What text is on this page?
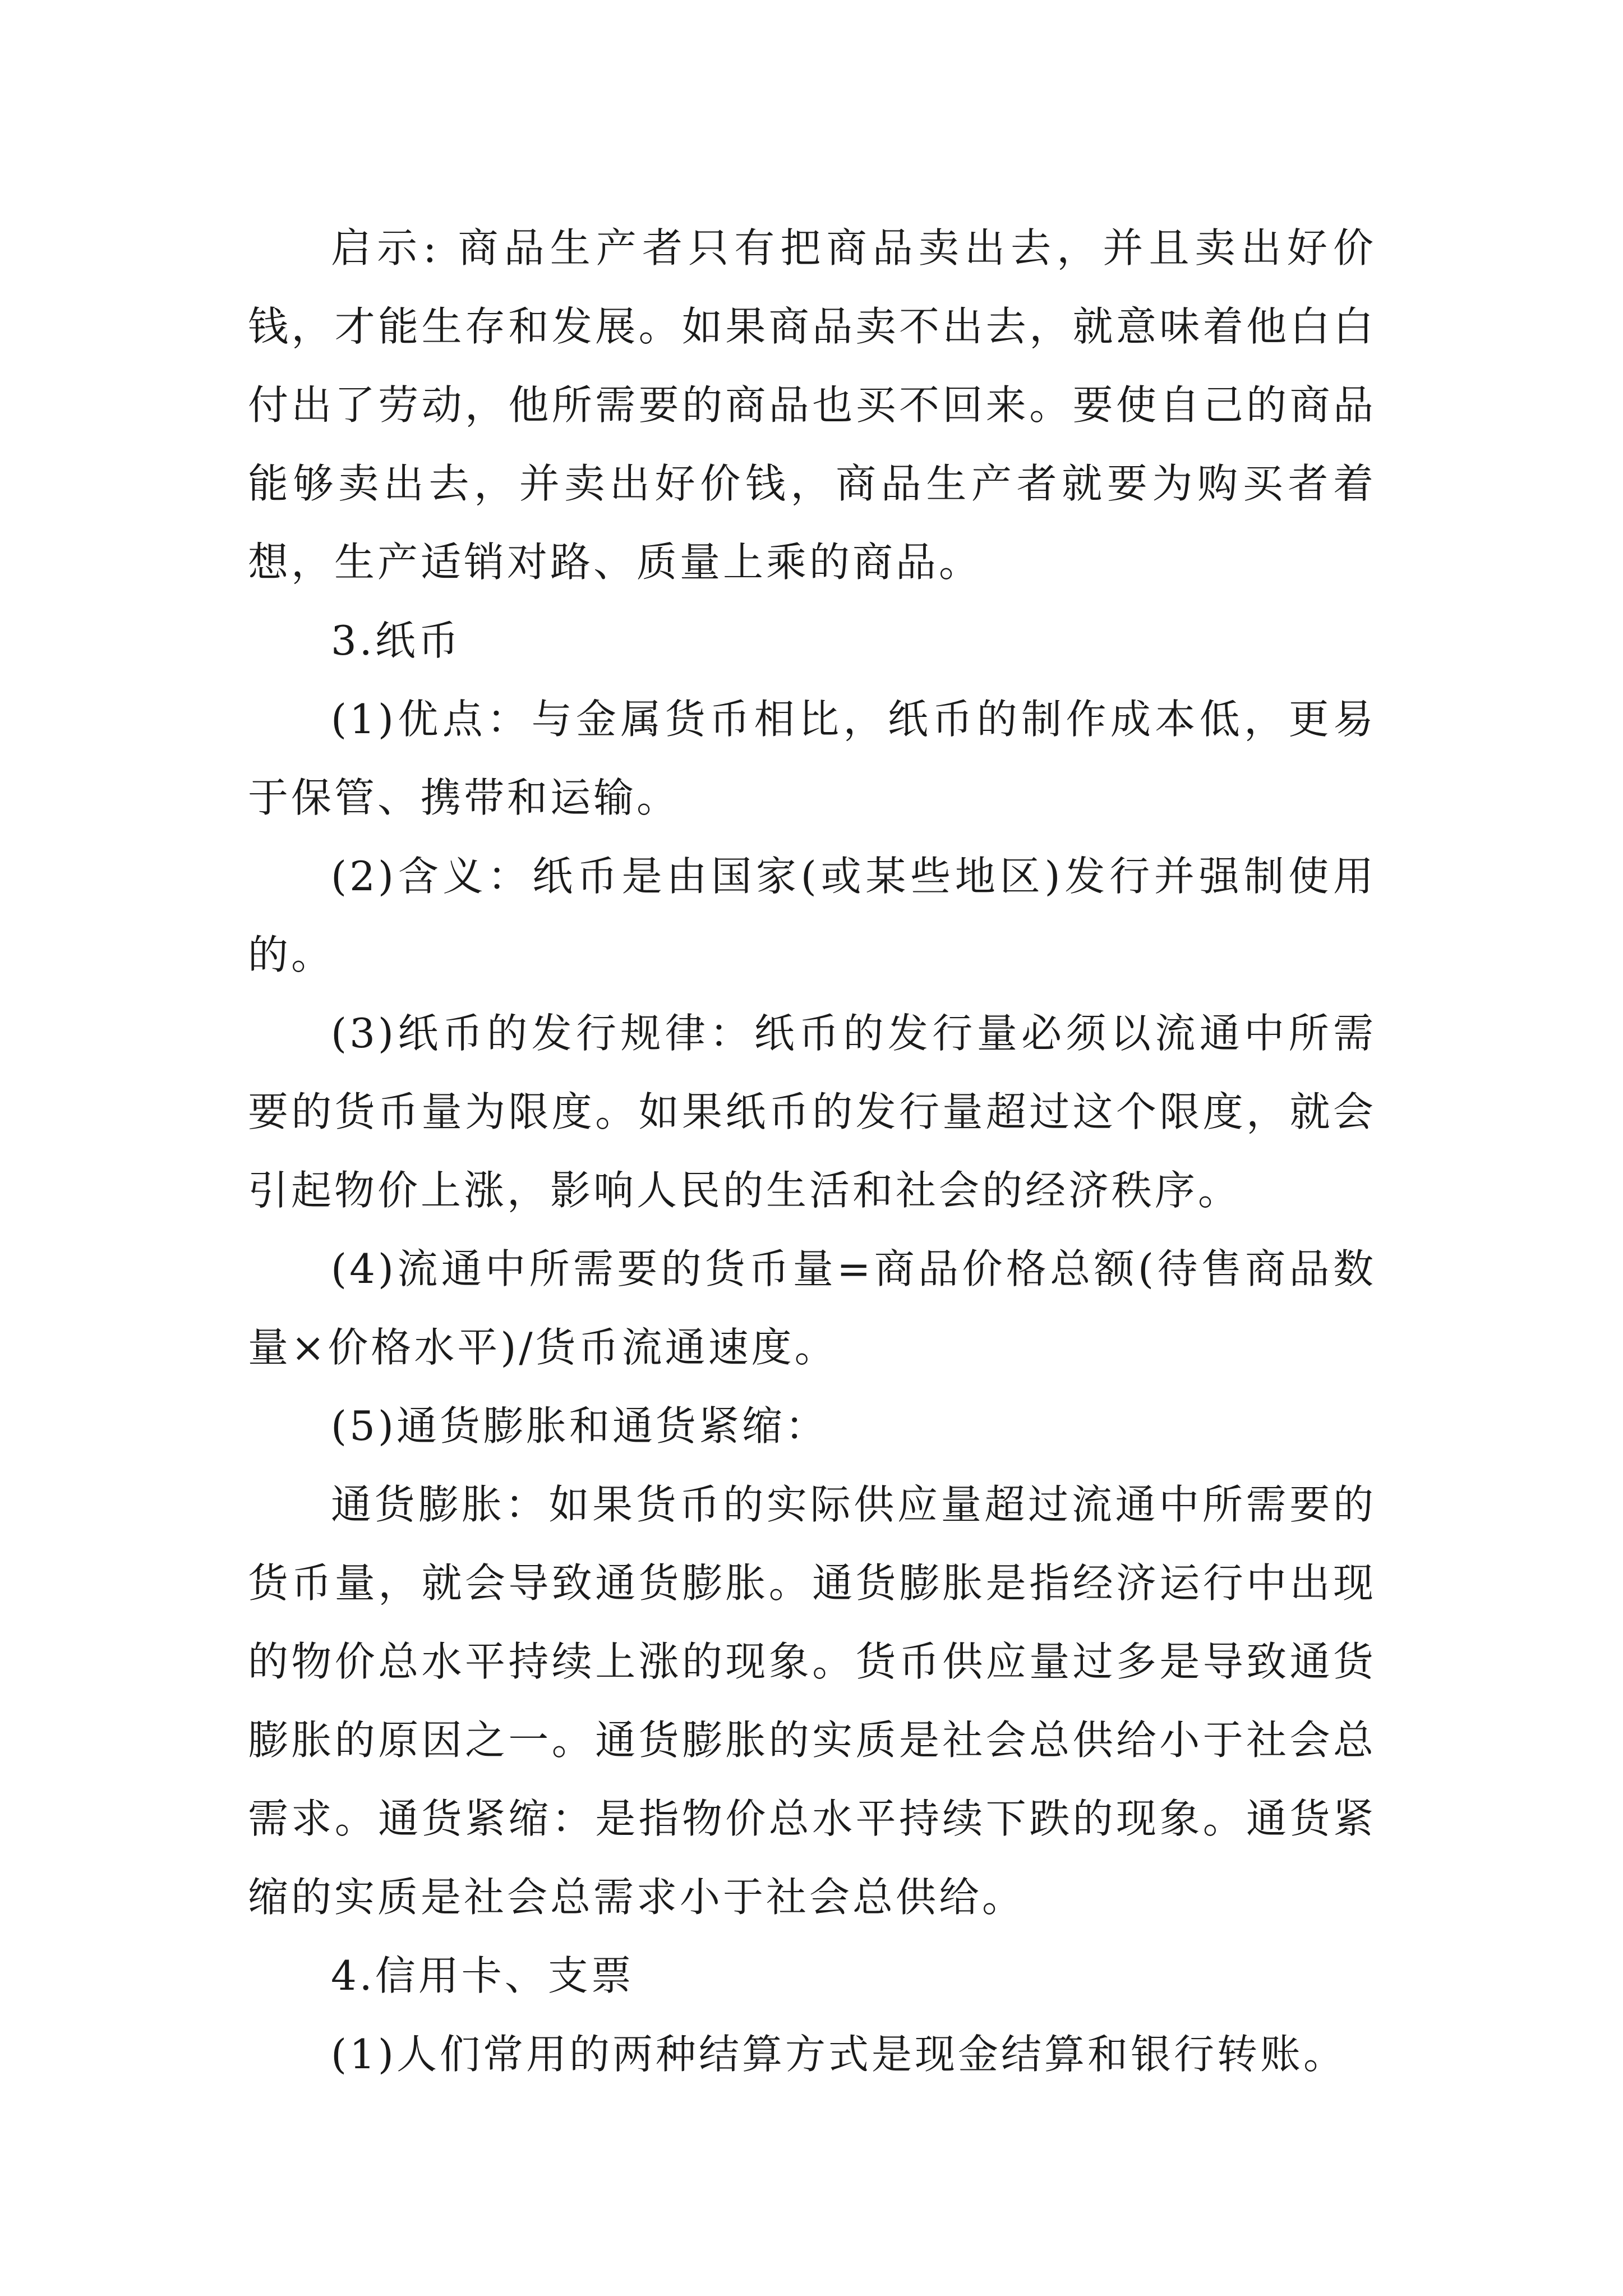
启示: 商品生产者只有把商品卖出去，并且卖出好价钱，才能生存和发展。如果商品卖不出去，就意味着他白白付出了劳动，他所需要的商品也买不回来。要使自己的商品能够卖出去，并卖出好价钱，商品生产者就要为购买者着想，生产适销对路、质量上乘的商品。

3.纸币

(1)优点：与金属货币相比，纸币的制作成本低，更易于保管、携带和运输。

(2)含义：纸币是由国家(或某些地区)发行并强制使用的。

(3)纸币的发行规律：纸币的发行量必须以流通中所需要的货币量为限度。如果纸币的发行量超过这个限度，就会引起物价上涨，影响人民的生活和社会的经济秩序。

(4)流通中所需要的货币量=商品价格总额(待售商品数量×价格水平)/货币流通速度。

(5)通货膨胀和通货紧缩：

通货膨胀：如果货币的实际供应量超过流通中所需要的货币量，就会导致通货膨胀。通货膨胀是指经济运行中出现的物价总水平持续上涨的现象。货币供应量过多是导致通货膨胀的原因之一。通货膨胀的实质是社会总供给小于社会总需求。通货紧缩：是指物价总水平持续下跌的现象。通货紧缩的实质是社会总需求小于社会总供给。

4.信用卡、支票

(1)人们常用的两种结算方式是现金结算和银行转账。
